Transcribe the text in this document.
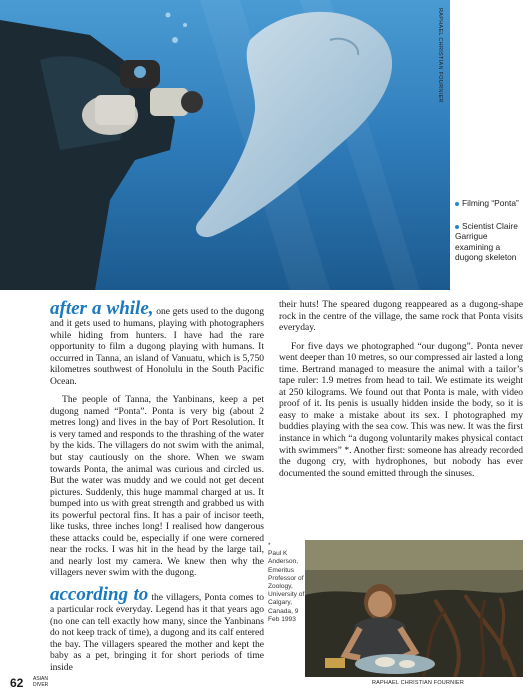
RAPHAEL CHRISTIAN FOURNIER
Filming “Ponta”
Scientist Claire Garrigue examining a dugong skeleton

after a while, one gets used to the dugong and it gets used to humans, playing with photographers while hiding from hunters. I have had the rare opportunity to film a dugong playing with humans. It occurred in Tanna, an island of Vanuatu, which is 5,750 kilometres southwest of Honolulu in the South Pacific Ocean.

The people of Tanna, the Yanbinans, keep a pet dugong named “Ponta”. Ponta is very big (about 2 metres long) and lives in the bay of Port Resolution. It is very tamed and responds to the thrashing of the water by the kids. The villagers do not swim with the animal, but stay cautiously on the shore. When we swam towards Ponta, the animal was curious and circled us. But the water was muddy and we could not get decent pictures. Suddenly, this huge mammal charged at us. It bumped into us with great strength and grabbed us with its powerful pectoral fins. It has a pair of incisor teeth, like tusks, three inches long! I realised how dangerous these attacks could be, especially if one were cornered near the rocks. I was hit in the head by the large tail, and nearly lost my camera. We knew then why the villagers never swim with the dugong.

according to the villagers, Ponta comes to a particular rock everyday. Legend has it that years ago (no one can tell exactly how many, since the Yanbinans do not keep track of time), a dugong and its calf entered the bay. The villagers speared the mother and kept the baby as a pet, bringing it for short periods of time inside

their huts! The speared dugong reappeared as a dugong-shape rock in the centre of the village, the same rock that Ponta visits everyday.

For five days we photographed “our dugong”. Ponta never went deeper than 10 metres, so our compressed air lasted a long time. Bertrand managed to measure the animal with a tailor’s tape ruler: 1.9 metres from head to tail. We estimate its weight at 250 kilograms. We found out that Ponta is male, with video proof of it. Its penis is usually hidden inside the body, so it is easy to make a mistake about its sex. I photographed my buddies playing with the sea cow. This was new. It was the first instance in which “a dugong voluntarily makes physical contact with swimmers” *. Another first: someone has already recorded the dugong cry, with hydrophones, but nobody has ever documented the sound emitted through the sinuses.

*
Paul K Anderson, Emeritus Professor of Zoology, University of Calgary, Canada, 9 Feb 1993
RAPHAEL CHRISTIAN FOURNIER
62 ASIAN
DIVER
